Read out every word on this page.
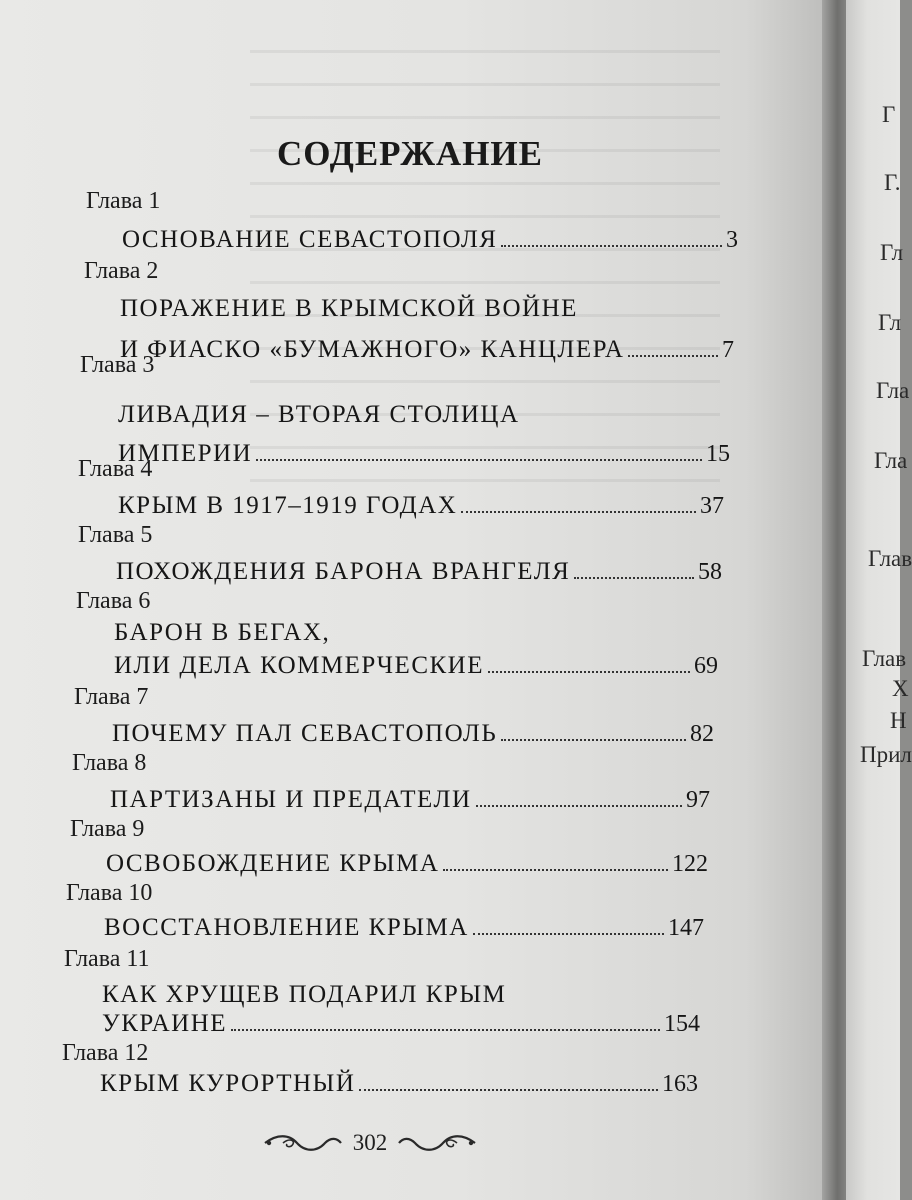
СОДЕРЖАНИЕ
Глава 1
ОСНОВАНИЕ СЕВАСТОПОЛЯ	3
Глава 2
ПОРАЖЕНИЕ В КРЫМСКОЙ ВОЙНЕ
И ФИАСКО «БУМАЖНОГО» КАНЦЛЕРА	7
Глава 3
ЛИВАДИЯ – ВТОРАЯ СТОЛИЦА
ИМПЕРИИ	15
Глава 4
КРЫМ В 1917–1919 ГОДАХ	37
Глава 5
ПОХОЖДЕНИЯ БАРОНА ВРАНГЕЛЯ	58
Глава 6
БАРОН В БЕГАХ,
ИЛИ ДЕЛА КОММЕРЧЕСКИЕ	69
Глава 7
ПОЧЕМУ ПАЛ СЕВАСТОПОЛЬ	82
Глава 8
ПАРТИЗАНЫ И ПРЕДАТЕЛИ	97
Глава 9
ОСВОБОЖДЕНИЕ КРЫМА	122
Глава 10
ВОССТАНОВЛЕНИЕ КРЫМА	147
Глава 11
КАК ХРУЩЕВ ПОДАРИЛ КРЫМ
УКРАИНЕ	154
Глава 12
КРЫМ КУРОРТНЫЙ	163
302
Г
Г.
Гл
Гл
Гла
Гла
Глав
Глав
Х
Н
Прил
